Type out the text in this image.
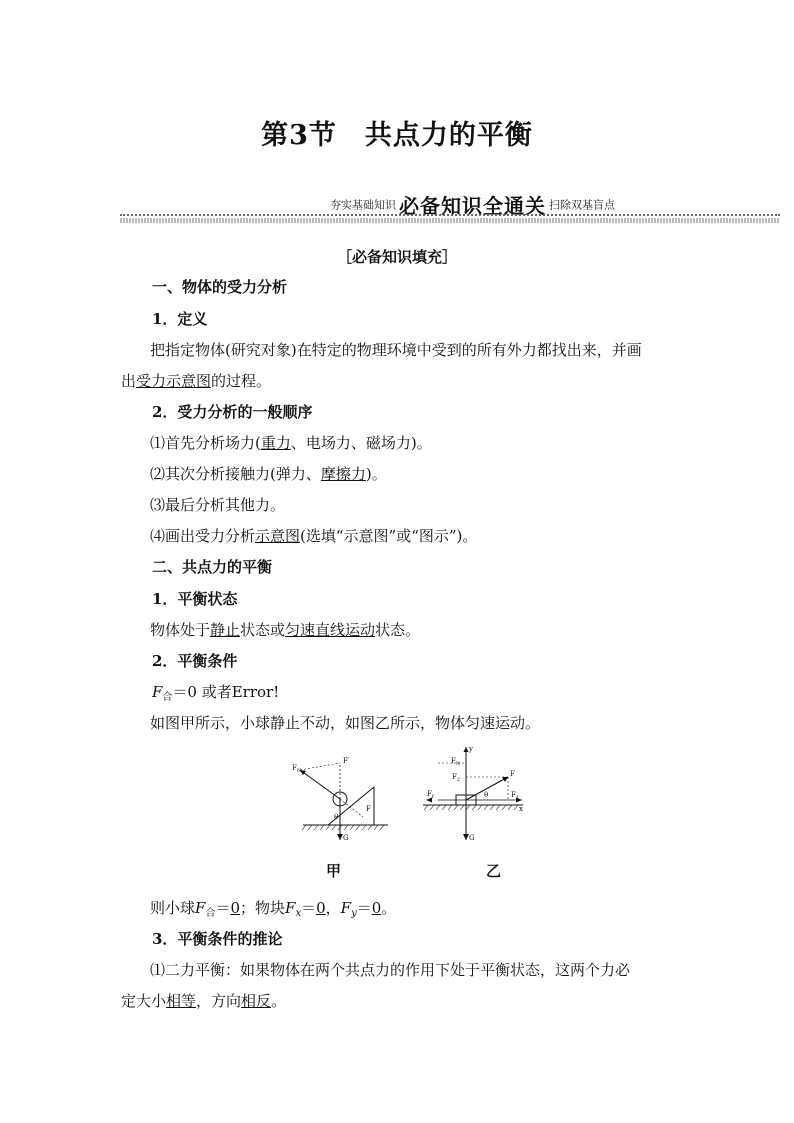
第3节　共点力的平衡
夯实基础知识 必备知识全通关 扫除双基盲点
［必备知识填充］
一、物体的受力分析
1．定义
把指定物体(研究对象)在特定的物理环境中受到的所有外力都找出来，并画
出受力示意图的过程。
2．受力分析的一般顺序
⑴首先分析场力(重力、电场力、磁场力)。
⑵其次分析接触力(弹力、摩擦力)。
⑶最后分析其他力。
⑷画出受力分析示意图(选填“示意图”或“图示”)。
二、共点力的平衡
1．平衡状态
物体处于静止状态或匀速直线运动状态。
2．平衡条件
$F_合=0$ 或者Error!
如图甲所示，小球静止不动，如图乙所示，物体匀速运动。
$F_N$
F′
F
G
θ
y
x
$F_N$
$F_2$
$F_1$
$F_f$
F
G
θ
甲	乙
则小球$F_合=0$；物块$F_x=0$，$F_y=0$。
3．平衡条件的推论
⑴二力平衡：如果物体在两个共点力的作用下处于平衡状态，这两个力必
定大小相等，方向相反。
